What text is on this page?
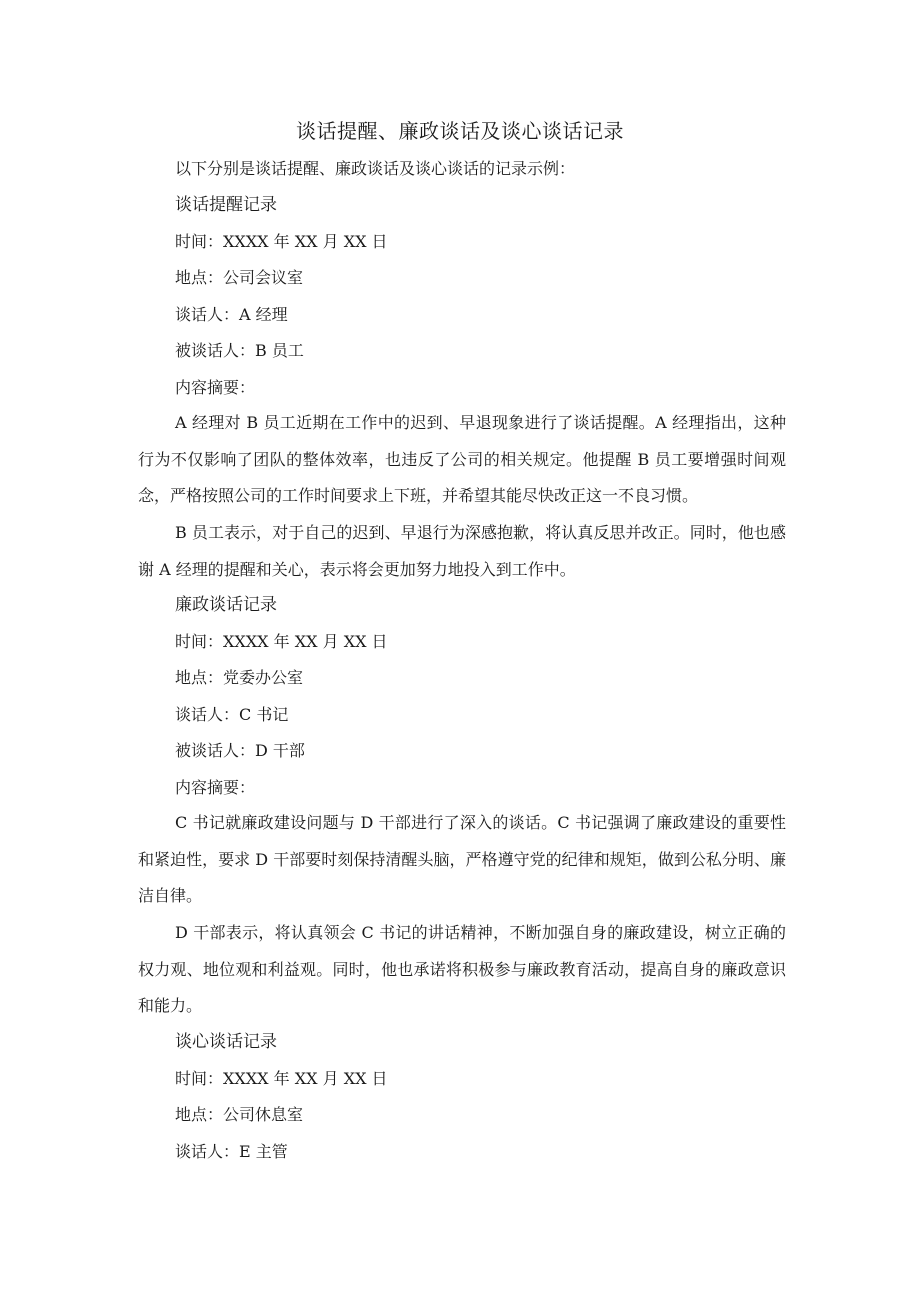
谈话提醒、廉政谈话及谈心谈话记录
以下分别是谈话提醒、廉政谈话及谈心谈话的记录示例：
谈话提醒记录
时间：XXXX 年 XX 月 XX 日
地点：公司会议室
谈话人：A 经理
被谈话人：B 员工
内容摘要：
A 经理对 B 员工近期在工作中的迟到、早退现象进行了谈话提醒。A 经理指出，这种行为不仅影响了团队的整体效率，也违反了公司的相关规定。他提醒 B 员工要增强时间观念，严格按照公司的工作时间要求上下班，并希望其能尽快改正这一不良习惯。
B 员工表示，对于自己的迟到、早退行为深感抱歉，将认真反思并改正。同时，他也感谢 A 经理的提醒和关心，表示将会更加努力地投入到工作中。
廉政谈话记录
时间：XXXX 年 XX 月 XX 日
地点：党委办公室
谈话人：C 书记
被谈话人：D 干部
内容摘要：
C 书记就廉政建设问题与 D 干部进行了深入的谈话。C 书记强调了廉政建设的重要性和紧迫性，要求 D 干部要时刻保持清醒头脑，严格遵守党的纪律和规矩，做到公私分明、廉洁自律。
D 干部表示，将认真领会 C 书记的讲话精神，不断加强自身的廉政建设，树立正确的权力观、地位观和利益观。同时，他也承诺将积极参与廉政教育活动，提高自身的廉政意识和能力。
谈心谈话记录
时间：XXXX 年 XX 月 XX 日
地点：公司休息室
谈话人：E 主管
